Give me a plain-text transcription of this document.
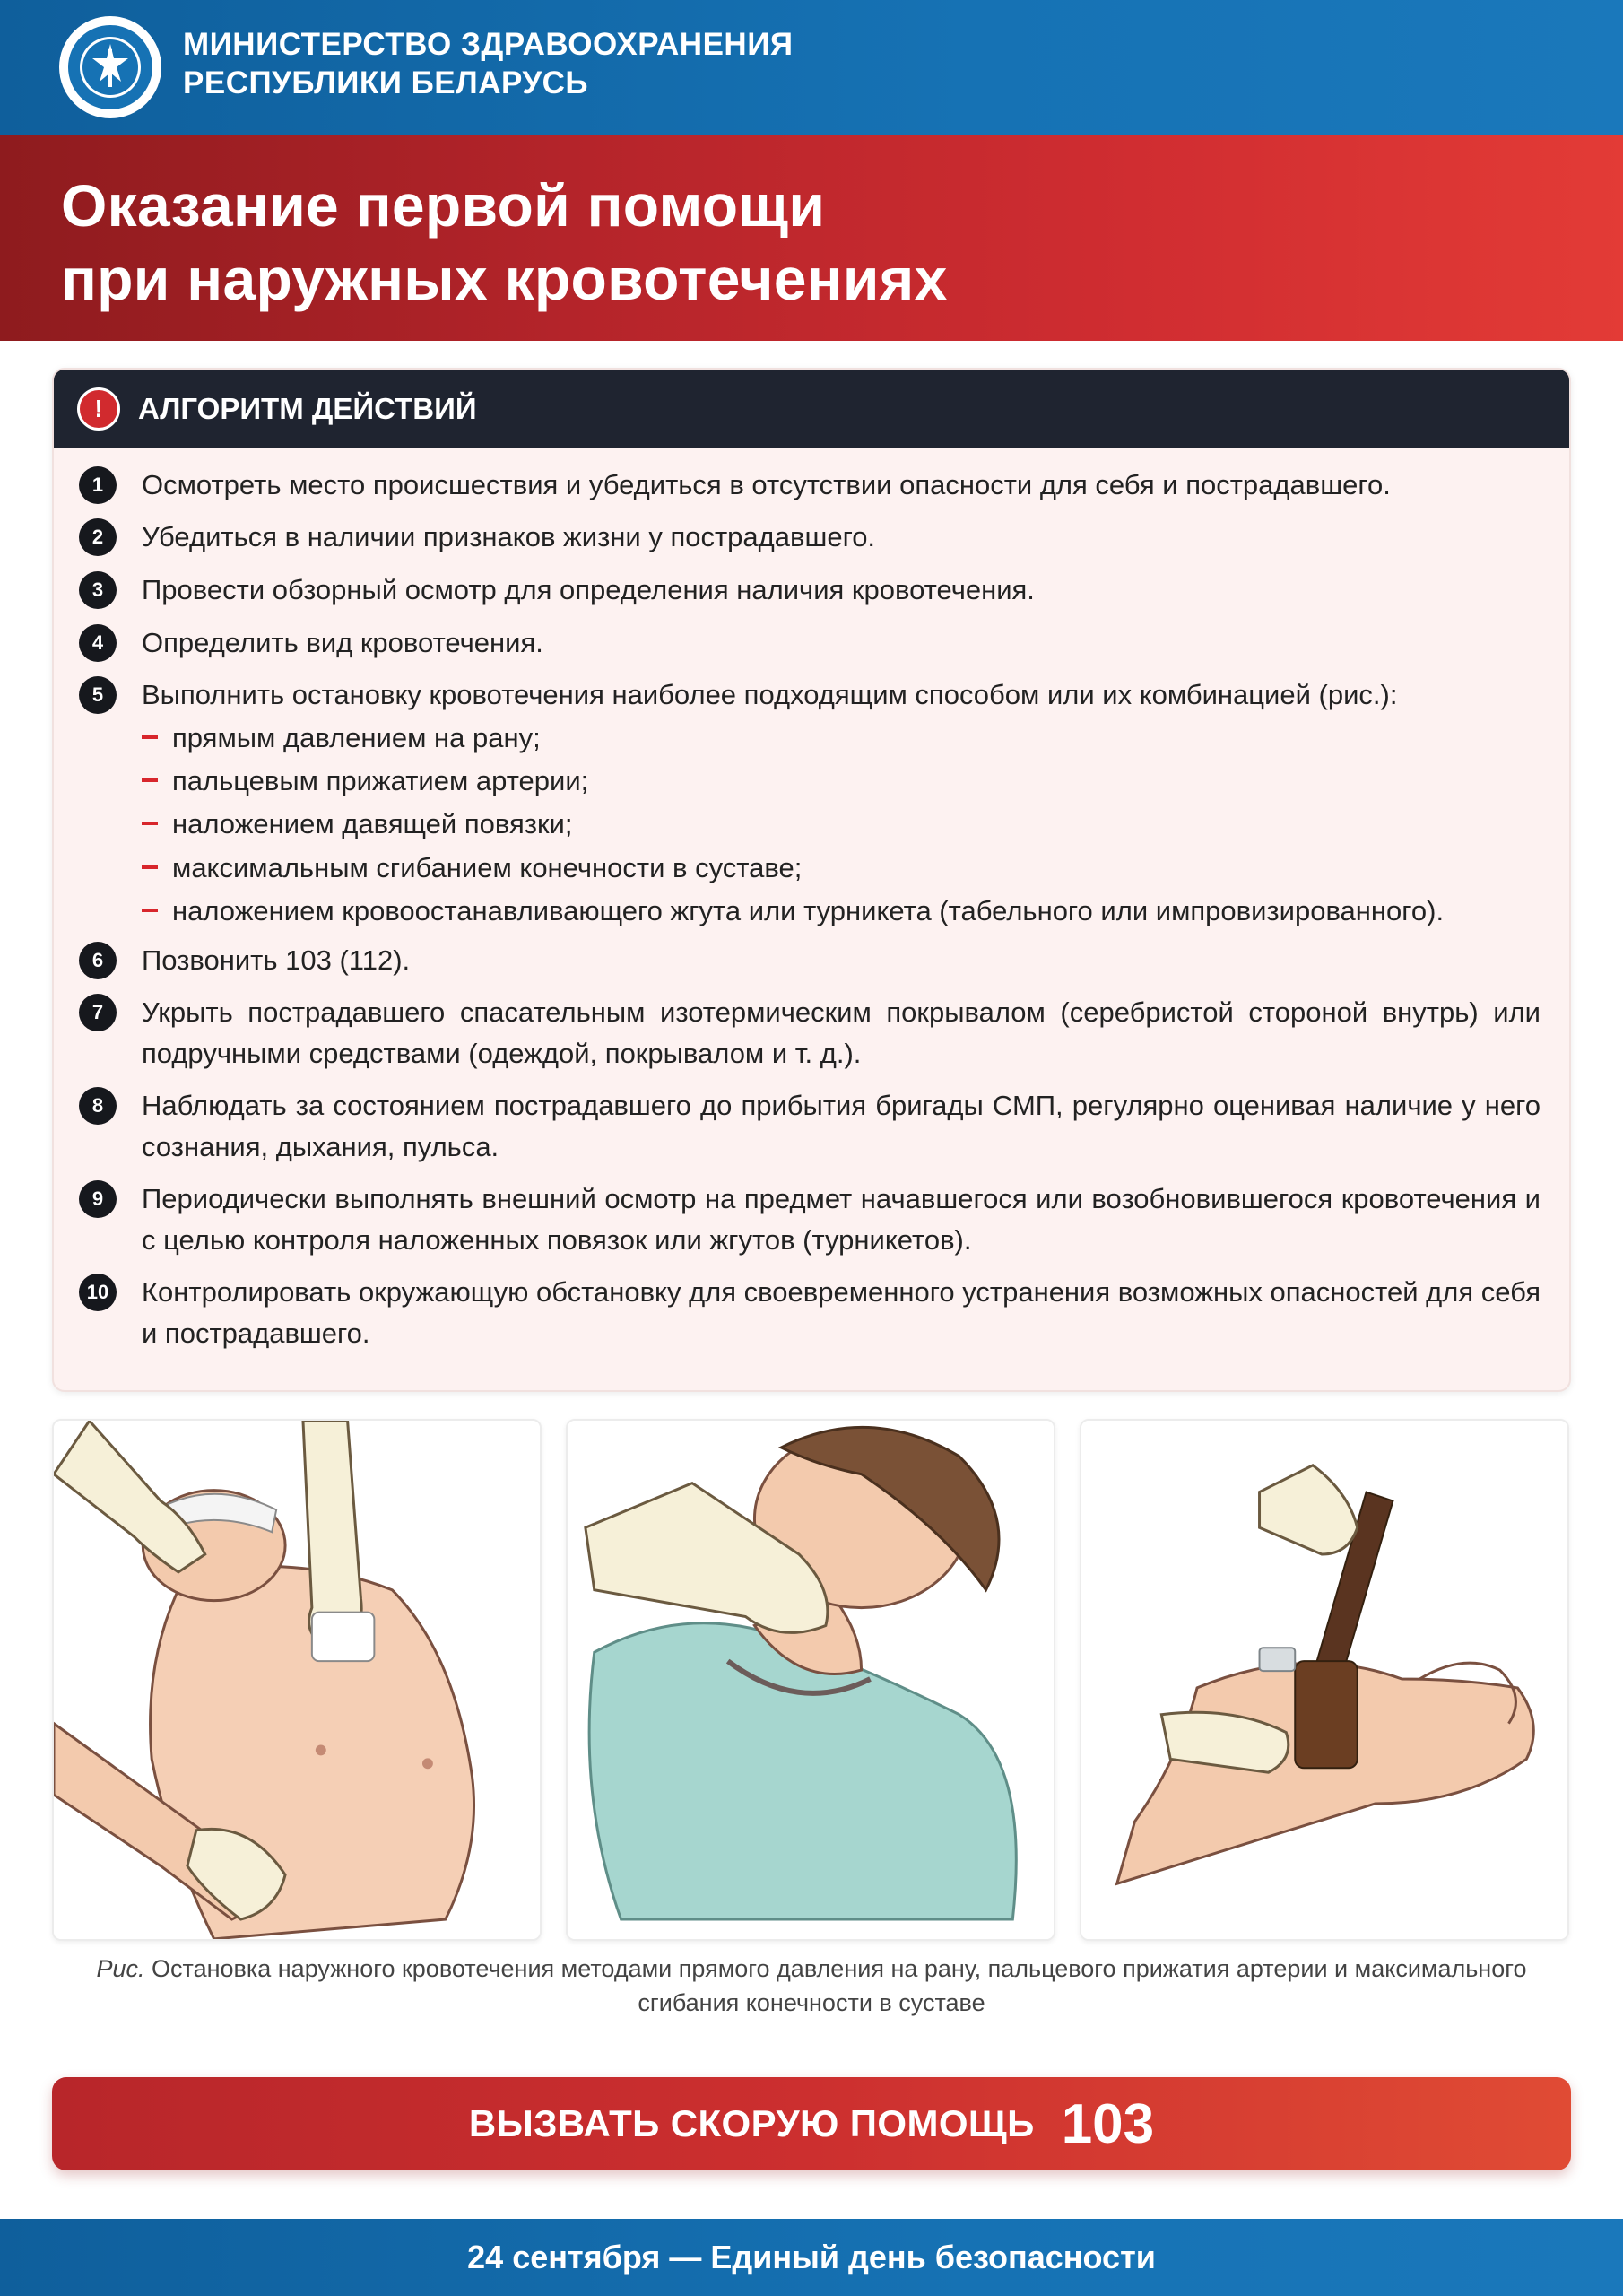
МИНИСТЕРСТВО ЗДРАВООХРАНЕНИЯ
РЕСПУБЛИКИ БЕЛАРУСЬ
Оказание первой помощи
при наружных кровотечениях
!	АЛГОРИТМ ДЕЙСТВИЙ
1	Осмотреть место происшествия и убедиться в отсутствии опасности для себя и пострадавшего.
2	Убедиться в наличии признаков жизни у пострадавшего.
3	Провести обзорный осмотр для определения наличия кровотечения.
4	Определить вид кровотечения.
5	Выполнить остановку кровотечения наиболее подходящим способом или их комбинацией (рис.):
прямым давлением на рану;
пальцевым прижатием артерии;
наложением давящей повязки;
максимальным сгибанием конечности в суставе;
наложением кровоостанавливающего жгута или турникета (табельного или импровизированного).
6	Позвонить 103 (112).
7	Укрыть пострадавшего спасательным изотермическим покрывалом (серебристой стороной внутрь) или подручными средствами (одеждой, покрывалом и т. д.).
8	Наблюдать за состоянием пострадавшего до прибытия бригады СМП, регулярно оценивая наличие у него сознания, дыхания, пульса.
9	Периодически выполнять внешний осмотр на предмет начавшегося или возобновившегося кровотечения и с целью контроля наложенных повязок или жгутов (турникетов).
10 Контролировать окружающую обстановку для своевременного устранения возможных опасностей для себя и пострадавшего.
Рис. Остановка наружного кровотечения методами прямого давления на рану, пальцевого прижатия артерии и максимального сгибания конечности в суставе
ВЫЗВАТЬ СКОРУЮ ПОМОЩЬ 103
24 сентября — Единый день безопасности
